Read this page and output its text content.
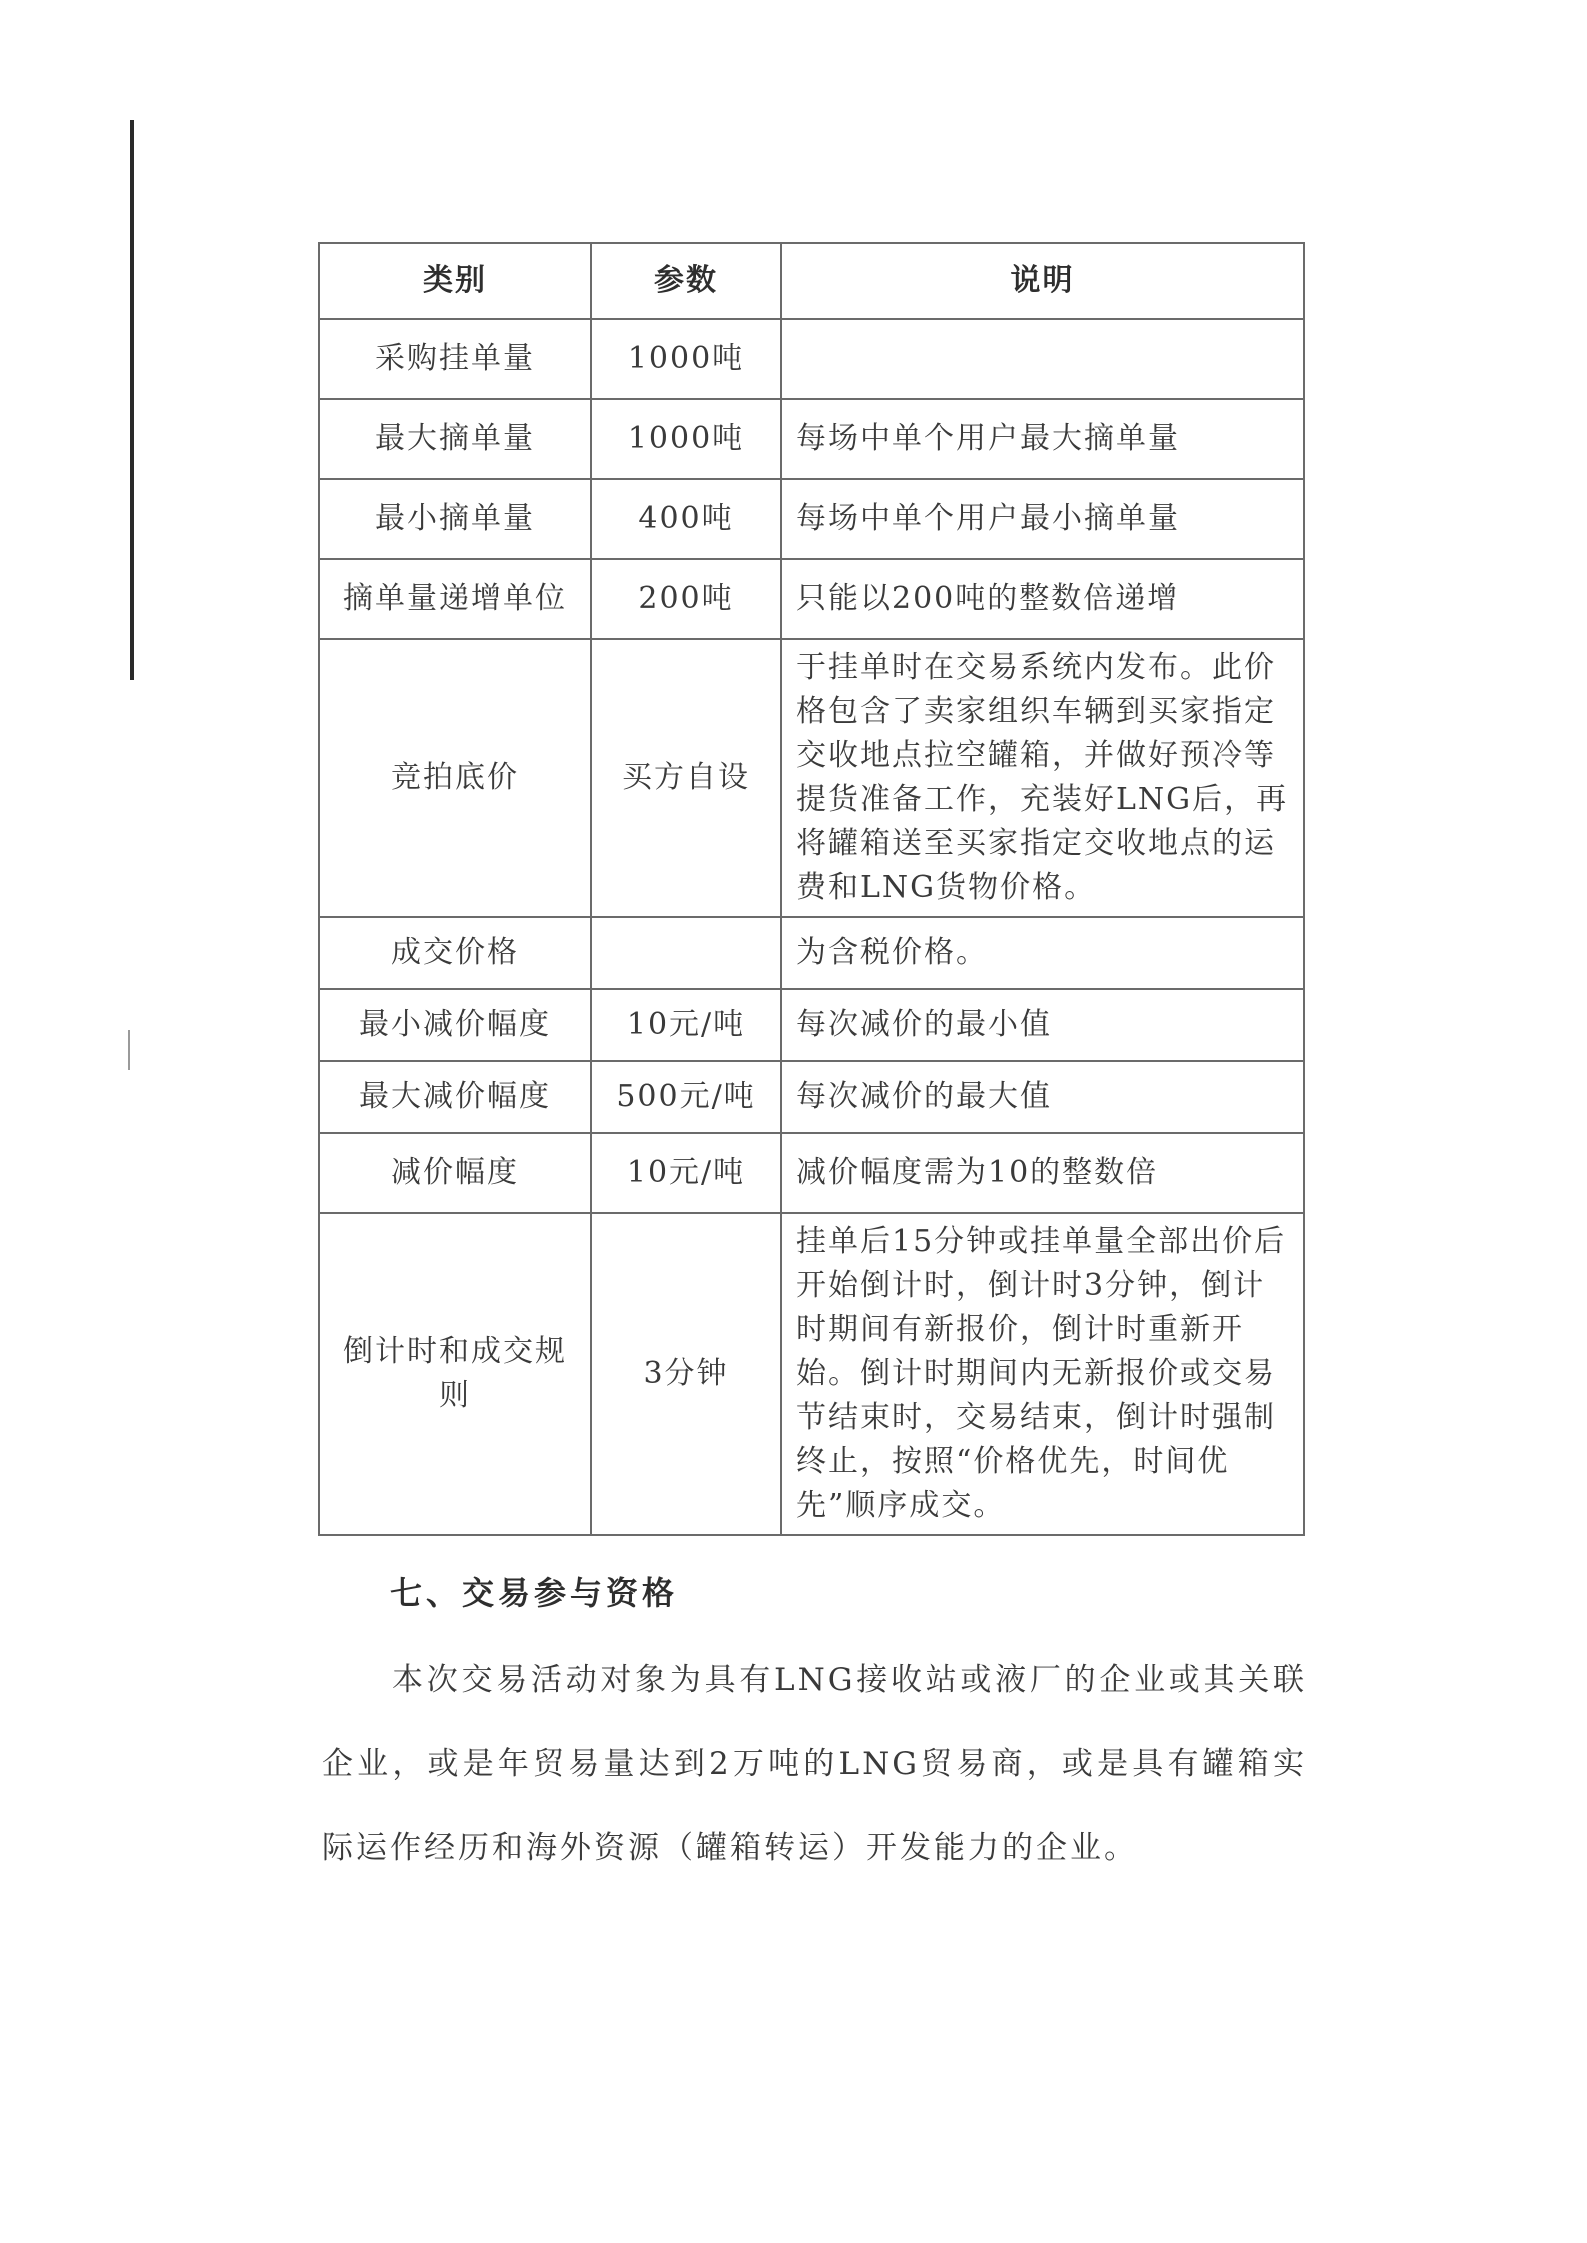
类别	参数	说明
采购挂单量	1000吨	
最大摘单量	1000吨	每场中单个用户最大摘单量
最小摘单量	400吨	每场中单个用户最小摘单量
摘单量递增单位	200吨	只能以200吨的整数倍递增
竞拍底价	买方自设	于挂单时在交易系统内发布。此价格包含了卖家组织车辆到买家指定交收地点拉空罐箱，并做好预冷等提货准备工作，充装好LNG后，再将罐箱送至买家指定交收地点的运费和LNG货物价格。
成交价格		为含税价格。
最小减价幅度	10元/吨	每次减价的最小值
最大减价幅度	500元/吨	每次减价的最大值
减价幅度	10元/吨	减价幅度需为10的整数倍
倒计时和成交规则	3分钟	挂单后15分钟或挂单量全部出价后开始倒计时，倒计时3分钟，倒计时期间有新报价，倒计时重新开始。倒计时期间内无新报价或交易节结束时，交易结束，倒计时强制终止，按照“价格优先，时间优先”顺序成交。
七、交易参与资格

本次交易活动对象为具有LNG接收站或液厂的企业或其关联企业，或是年贸易量达到2万吨的LNG贸易商，或是具有罐箱实际运作经历和海外资源（罐箱转运）开发能力的企业。
